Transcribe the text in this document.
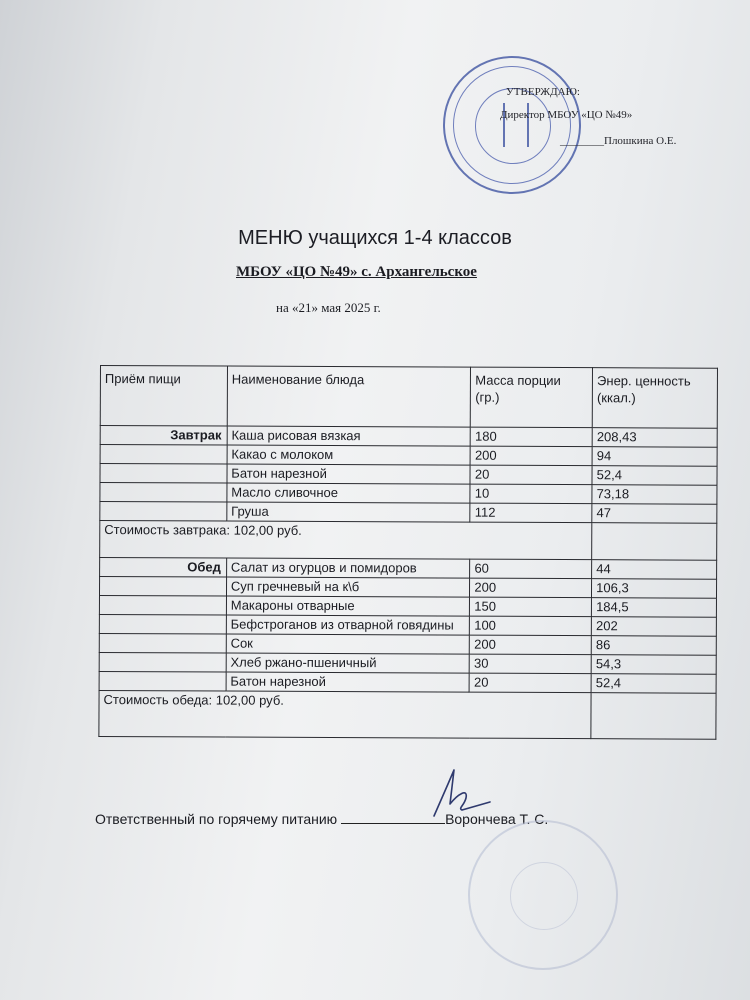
УТВЕРЖДАЮ:
Директор МБОУ «ЦО №49»
________Плошкина О.Е.
МЕНЮ учащихся 1-4 классов
МБОУ «ЦО №49» с. Архангельское
на «21» мая 2025 г.
Приём пищи	Наименование блюда	Масса порции (гр.)	Энер. ценность (ккал.)
Завтрак	Каша рисовая вязкая	180	208,43
	Какао с молоком	200	94
	Батон нарезной	20	52,4
	Масло сливочное	10	73,18
	Груша	112	47
Стоимость завтрака: 102,00 руб.			
Обед	Салат из огурцов и помидоров	60	44
	Суп гречневый на к\б	200	106,3
	Макароны отварные	150	184,5
	Бефстроганов из отварной говядины	100	202
	Сок	200	86
	Хлеб ржано-пшеничный	30	54,3
	Батон нарезной	20	52,4
Стоимость обеда: 102,00 руб.			
Ответственный по горячему питанию	Ворончева Т. С.
